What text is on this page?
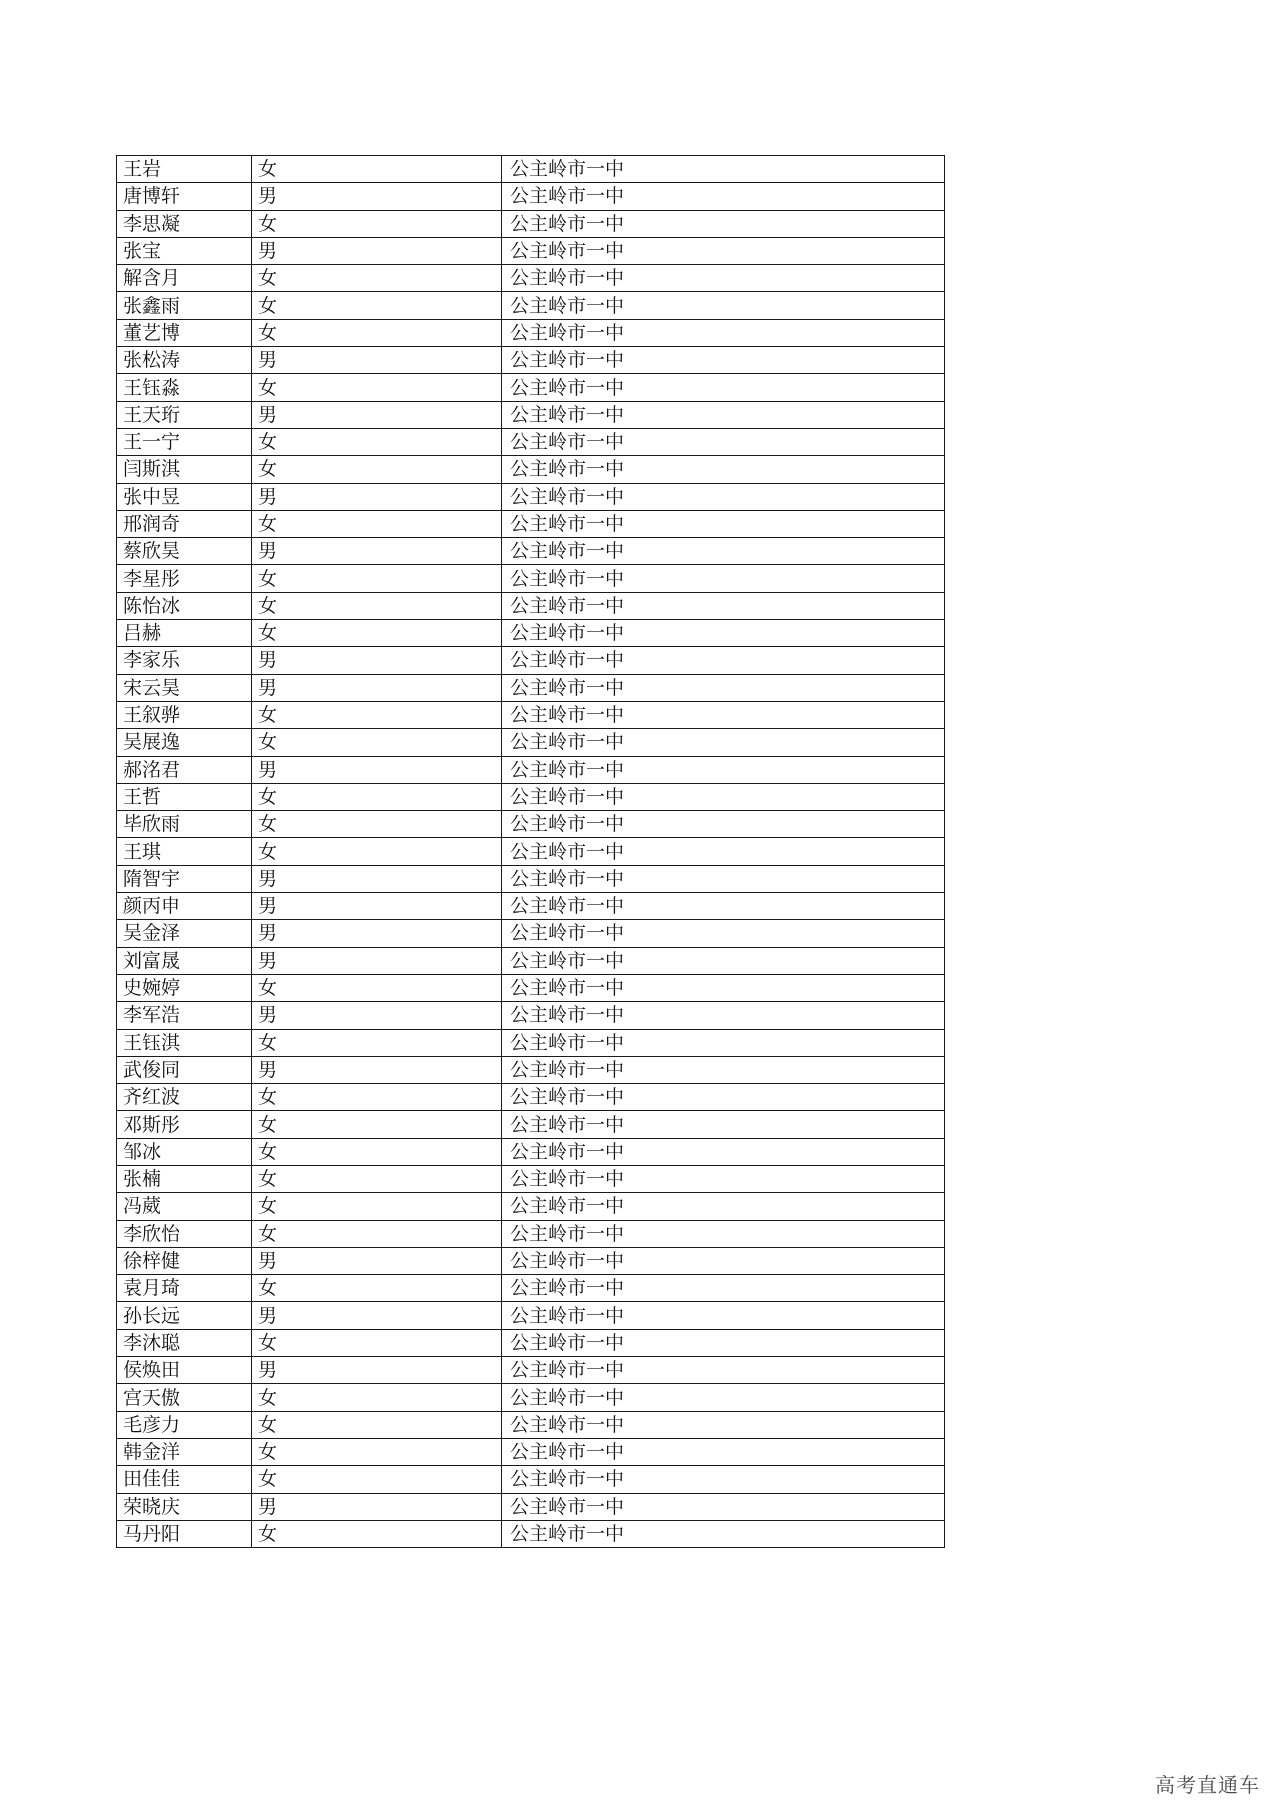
王岩	女	公主岭市一中
唐博轩	男	公主岭市一中
李思凝	女	公主岭市一中
张宝	男	公主岭市一中
解含月	女	公主岭市一中
张鑫雨	女	公主岭市一中
董艺博	女	公主岭市一中
张松涛	男	公主岭市一中
王钰淼	女	公主岭市一中
王天珩	男	公主岭市一中
王一宁	女	公主岭市一中
闫斯淇	女	公主岭市一中
张中昱	男	公主岭市一中
邢润奇	女	公主岭市一中
蔡欣昊	男	公主岭市一中
李星彤	女	公主岭市一中
陈怡冰	女	公主岭市一中
吕赫	女	公主岭市一中
李家乐	男	公主岭市一中
宋云昊	男	公主岭市一中
王叙骅	女	公主岭市一中
吴展逸	女	公主岭市一中
郝洺君	男	公主岭市一中
王哲	女	公主岭市一中
毕欣雨	女	公主岭市一中
王琪	女	公主岭市一中
隋智宇	男	公主岭市一中
颜丙申	男	公主岭市一中
吴金泽	男	公主岭市一中
刘富晟	男	公主岭市一中
史婉婷	女	公主岭市一中
李军浩	男	公主岭市一中
王钰淇	女	公主岭市一中
武俊同	男	公主岭市一中
齐红波	女	公主岭市一中
邓斯彤	女	公主岭市一中
邹冰	女	公主岭市一中
张楠	女	公主岭市一中
冯葳	女	公主岭市一中
李欣怡	女	公主岭市一中
徐梓健	男	公主岭市一中
袁月琦	女	公主岭市一中
孙长远	男	公主岭市一中
李沐聪	女	公主岭市一中
侯焕田	男	公主岭市一中
宫天傲	女	公主岭市一中
毛彦力	女	公主岭市一中
韩金洋	女	公主岭市一中
田佳佳	女	公主岭市一中
荣晓庆	男	公主岭市一中
马丹阳	女	公主岭市一中
高考直通车
